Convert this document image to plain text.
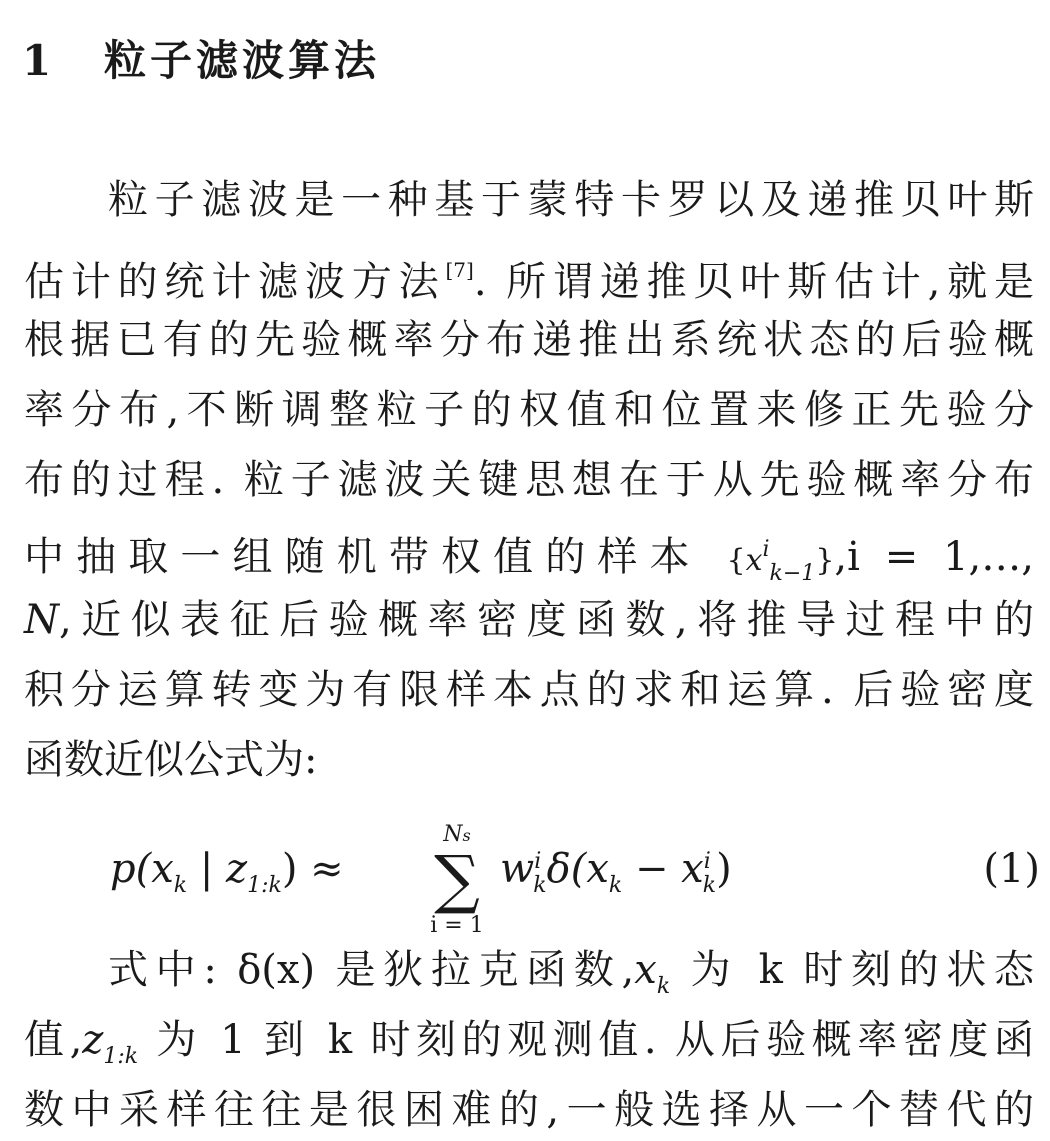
1 粒子滤波算法
粒子滤波是一种基于蒙特卡罗以及递推贝叶斯
估计的统计滤波方法[7]. 所谓递推贝叶斯估计,就是
根据已有的先验概率分布递推出系统状态的后验概
率分布,不断调整粒子的权值和位置来修正先验分
布的过程. 粒子滤波关键思想在于从先验概率分布
中抽取一组随机带权值的样本 $\{x^i_{k-1}\},i$ = 1,…,
N,近似表征后验概率密度函数,将推导过程中的
积分运算转变为有限样本点的求和运算. 后验密度
函数近似公式为:
$p(x_k$ | $z_{1:k}$) ≈
Ns
∑
i = 1
$w^i_k\delta(x_k - x^i_k)$	(1)
式中: δ(x) 是狄拉克函数$,x_k$ 为 k 时刻的状态
值$,z_{1:k}$ 为 1 到 k 时刻的观测值. 从后验概率密度函
数中采样往往是很困难的,一般选择从一个替代的
